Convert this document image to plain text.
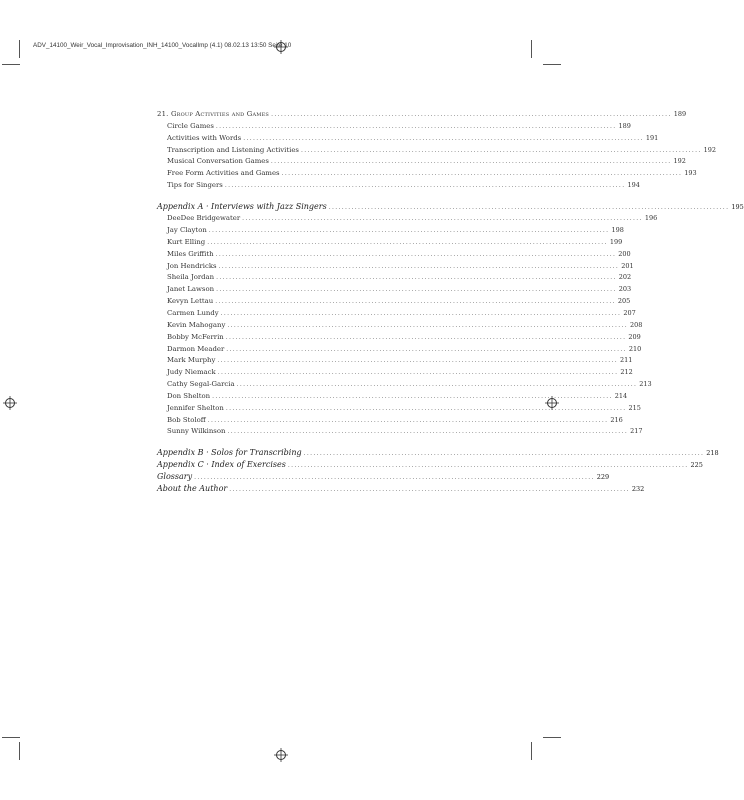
ADV_14100_Weir_Vocal_Improvisation_INH_14100_VocalImp (4.1) 08.02.13 13:50 Seite 10
21. Group Activities and Games ........................................................................................................................... 189
Circle Games ........................................................................................................................... 189
Activities with Words ........................................................................................................................... 191
Transcription and Listening Activities ........................................................................................................................... 192
Musical Conversation Games ........................................................................................................................... 192
Free Form Activities and Games ........................................................................................................................... 193
Tips for Singers ........................................................................................................................... 194
Appendix A · Interviews with Jazz Singers ........................................................................................................................... 195
DeeDee Bridgewater ........................................................................................................................... 196
Jay Clayton ........................................................................................................................... 198
Kurt Elling ........................................................................................................................... 199
Miles Griffith ........................................................................................................................... 200
Jon Hendricks ........................................................................................................................... 201
Sheila Jordan ........................................................................................................................... 202
Janet Lawson ........................................................................................................................... 203
Kevyn Lettau ........................................................................................................................... 205
Carmen Lundy ........................................................................................................................... 207
Kevin Mahogany ........................................................................................................................... 208
Bobby McFerrin ........................................................................................................................... 209
Darmon Meader ........................................................................................................................... 210
Mark Murphy ........................................................................................................................... 211
Judy Niemack ........................................................................................................................... 212
Cathy Segal-Garcia ........................................................................................................................... 213
Don Shelton ........................................................................................................................... 214
Jennifer Shelton ........................................................................................................................... 215
Bob Stoloff ........................................................................................................................... 216
Sunny Wilkinson ........................................................................................................................... 217
Appendix B · Solos for Transcribing ........................................................................................................................... 218
Appendix C · Index of Exercises ........................................................................................................................... 225
Glossary ........................................................................................................................... 229
About the Author ........................................................................................................................... 232
